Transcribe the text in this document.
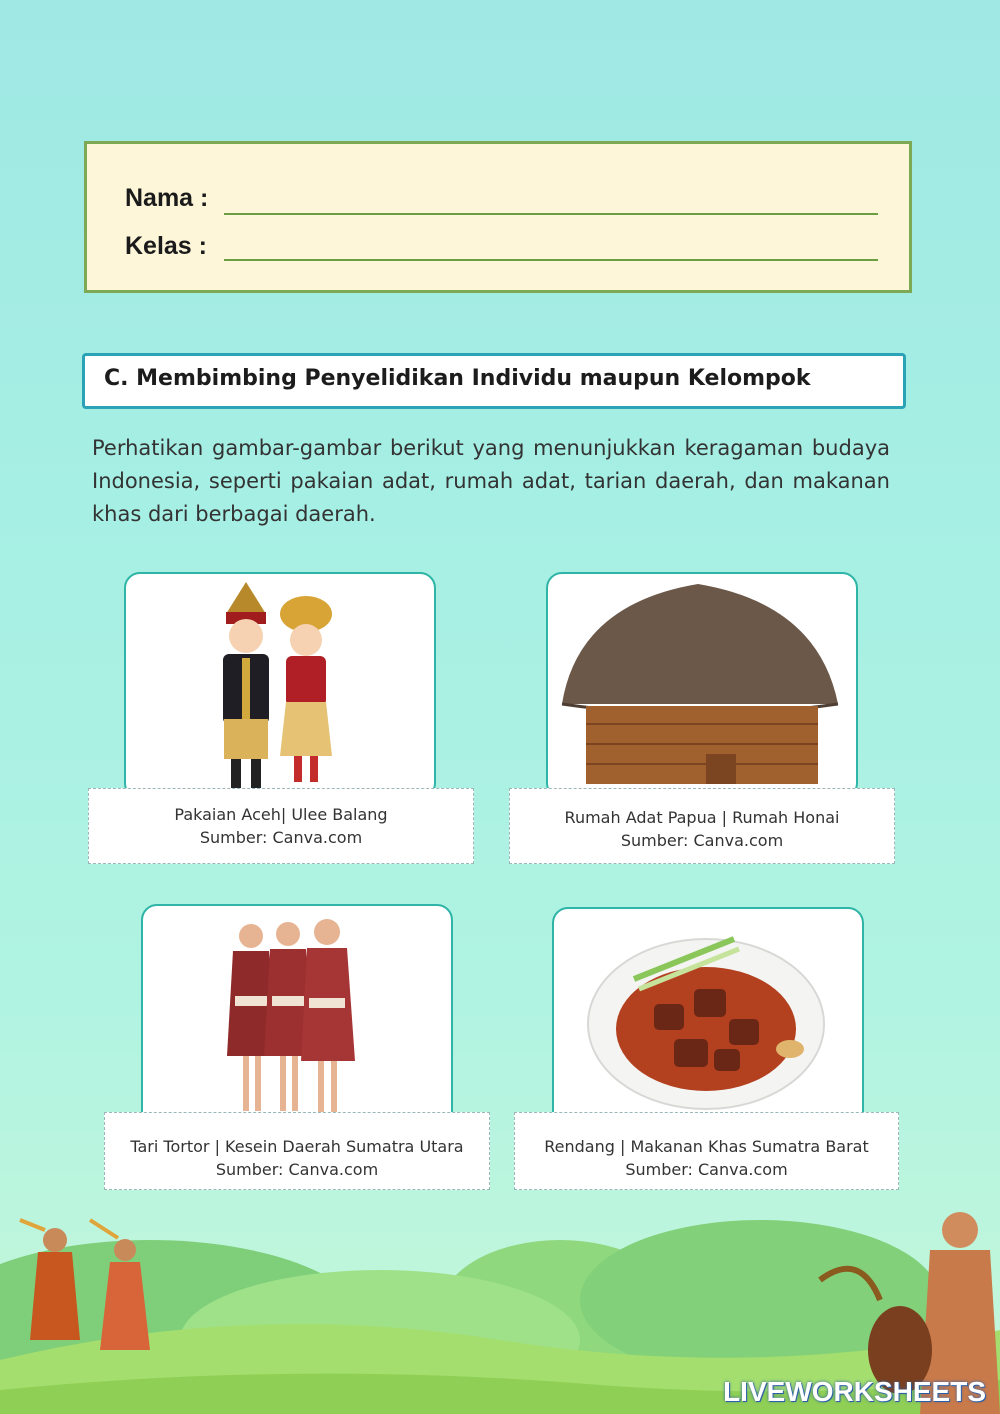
Nama :
Kelas :
C. Membimbing Penyelidikan Individu maupun Kelompok

Perhatikan gambar-gambar berikut yang menunjukkan keragaman budaya Indonesia, seperti pakaian adat, rumah adat, tarian daerah, dan makanan khas dari berbagai daerah.

Pakaian Aceh| Ulee Balang
Sumber: Canva.com
Rumah Adat Papua | Rumah Honai
Sumber: Canva.com
Tari Tortor | Kesein Daerah Sumatra Utara
Sumber: Canva.com
Rendang | Makanan Khas Sumatra Barat
Sumber: Canva.com
LIVEWORKSHEETS
